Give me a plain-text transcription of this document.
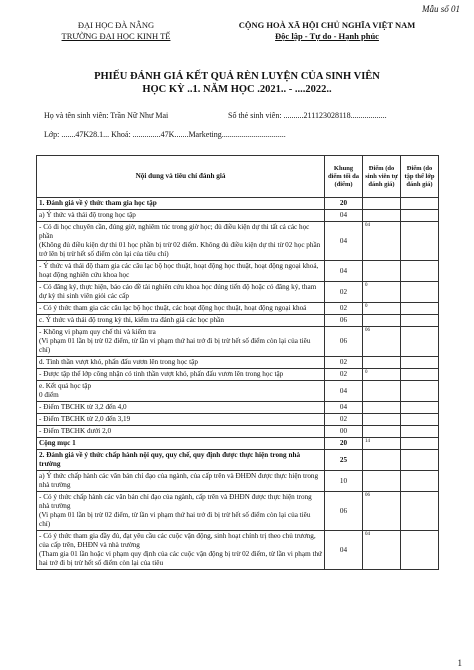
Mẫu số 01
ĐẠI HỌC ĐÀ NẴNG
TRƯỜNG ĐẠI HỌC KINH TẾ
CỘNG HOÀ XÃ HỘI CHỦ NGHĨA VIỆT NAM
Độc lập - Tự do - Hạnh phúc
PHIẾU ĐÁNH GIÁ KẾT QUẢ RÈN LUYỆN CỦA SINH VIÊN
HỌC KỲ ..1. NĂM HỌC .2021.. - ....2022..
Họ và tên sinh viên: Trần Nữ Như Mai	Số thẻ sinh viên: ..........211123028118..................
Lớp: .......47K28.1... Khoá: ..............47K.......Marketing................................
Nội dung và tiêu chí đánh giá	Khung điểm tối đa (điểm)	Điểm (do sinh viên tự đánh giá)	Điểm (do tập thể lớp đánh giá)
1. Đánh giá về ý thức tham gia học tập	20		
a) Ý thức và thái độ trong học tập	04		
- Có đi học chuyên cần, đúng giờ, nghiêm túc trong giờ học; đủ điều kiện dự thi tất cả các học phần
(Không đủ điều kiện dự thi 01 học phần bị trừ 02 điểm. Không đủ điều kiện dự thi từ 02 học phần trở lên bị trừ hết số điểm còn lại của tiêu chí)	04	04	
- Ý thức và thái độ tham gia các câu lạc bộ học thuật, hoạt động học thuật, hoạt động ngoại khoá, hoạt động nghiên cứu khoa học	04		
- Có đăng ký, thực hiện, báo cáo đề tài nghiên cứu khoa học đúng tiến độ hoặc có đăng ký, tham dự kỳ thi sinh viên giỏi các cấp	02	0	
- Có ý thức tham gia các câu lạc bộ học thuật, các hoạt động học thuật, hoạt động ngoại khoá	02	0	
c. Ý thức và thái độ trong kỳ thi, kiểm tra đánh giá các học phần	06		
- Không vi phạm quy chế thi và kiểm tra
(Vi phạm 01 lần bị trừ 02 điểm, từ lần vi phạm thứ hai trở đi bị trừ hết số điểm còn lại của tiêu chí)	06	06	
d. Tinh thần vượt khó, phấn đấu vươn lên trong học tập	02		
- Được tập thể lớp công nhận có tinh thần vượt khó, phấn đấu vươn lên trong học tập	02	0	
e. Kết quả học tập
0 điểm	04		
- Điểm TBCHK từ 3,2 đến 4,0	04		
- Điểm TBCHK từ 2,0 đến 3,19	02		
- Điểm TBCHK dưới 2,0	00		
Cộng mục 1	20	14	
2. Đánh giá về ý thức chấp hành nội quy, quy chế, quy định được thực hiện trong nhà trường	25		
a) Ý thức chấp hành các văn bản chỉ đạo của ngành, của cấp trên và ĐHĐN được thực hiện trong nhà trường	10		
- Có ý thức chấp hành các văn bản chỉ đạo của ngành, cấp trên và ĐHĐN được thực hiện trong nhà trường
(Vi phạm 01 lần bị trừ 02 điểm, từ lần vi phạm thứ hai trở đi bị trừ hết số điểm còn lại của tiêu chí)	06	06	
- Có ý thức tham gia đầy đủ, đạt yêu cầu các cuộc vận động, sinh hoạt chính trị theo chủ trương, của cấp trên, ĐHĐN và nhà trường
(Tham gia 01 lần hoặc vi phạm quy định của các cuộc vận động bị trừ 02 điểm, từ lần vi phạm thứ hai trở đi bị trừ hết số điểm còn lại của tiêu	04	04	
1
